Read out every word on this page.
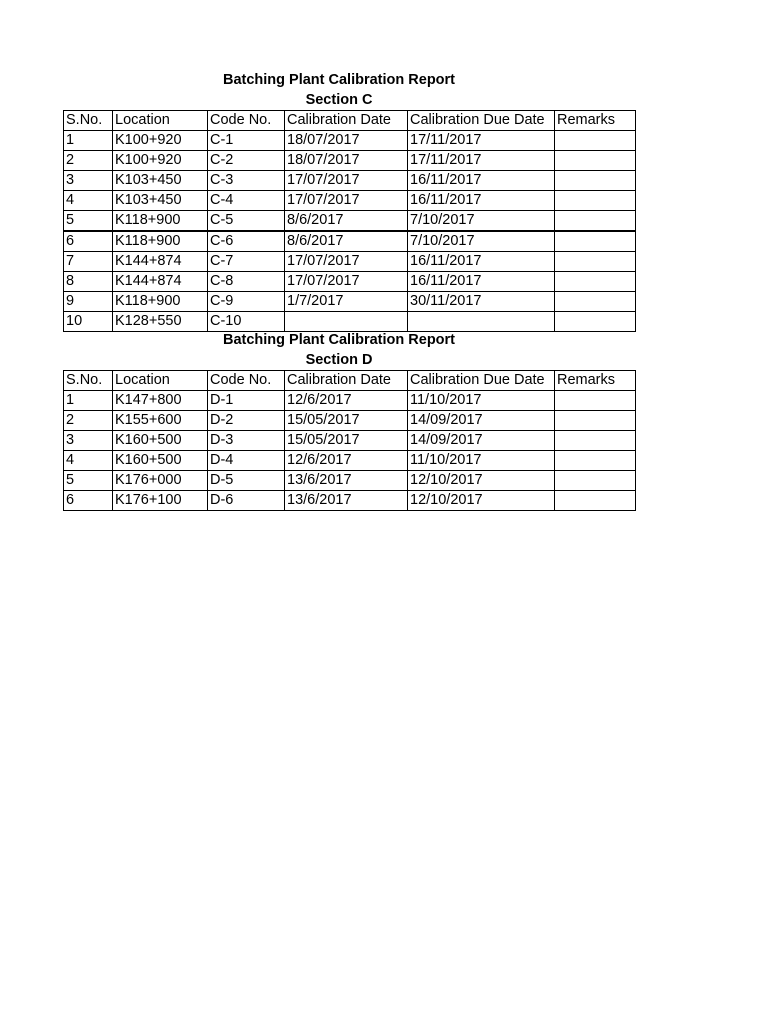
Batching Plant Calibration Report
Section C
S.No.	Location	Code No.	Calibration Date	Calibration Due Date	Remarks
1	K100+920	C-1	18/07/2017	17/11/2017	
2	K100+920	C-2	18/07/2017	17/11/2017	
3	K103+450	C-3	17/07/2017	16/11/2017	
4	K103+450	C-4	17/07/2017	16/11/2017	
5	K118+900	C-5	8/6/2017	7/10/2017	
6	K118+900	C-6	8/6/2017	7/10/2017	
7	K144+874	C-7	17/07/2017	16/11/2017	
8	K144+874	C-8	17/07/2017	16/11/2017	
9	K118+900	C-9	1/7/2017	30/11/2017	
10	K128+550	C-10			
Batching Plant Calibration Report
Section D
S.No.	Location	Code No.	Calibration Date	Calibration Due Date	Remarks
1	K147+800	D-1	12/6/2017	11/10/2017	
2	K155+600	D-2	15/05/2017	14/09/2017	
3	K160+500	D-3	15/05/2017	14/09/2017	
4	K160+500	D-4	12/6/2017	11/10/2017	
5	K176+000	D-5	13/6/2017	12/10/2017	
6	K176+100	D-6	13/6/2017	12/10/2017	
